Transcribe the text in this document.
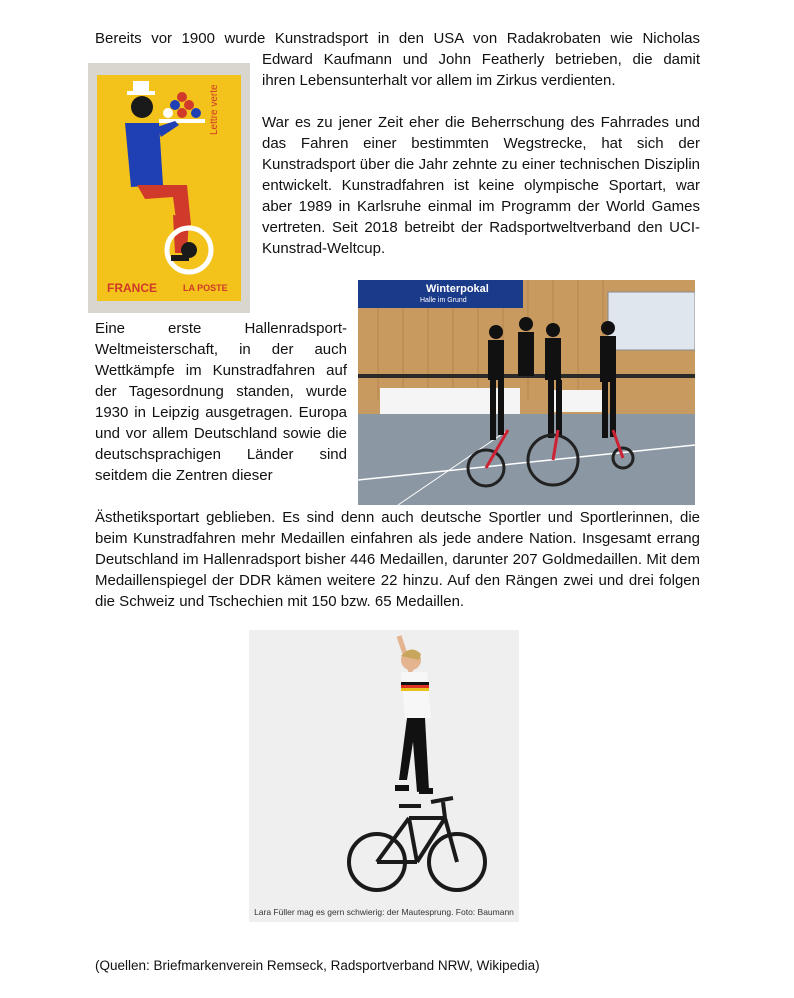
Bereits vor 1900 wurde Kunstradsport in den USA von Radakrobaten wie Nicholas
Edward Kaufmann und John Featherly betrieben, die damit
ihren Lebensunterhalt vor allem im Zirkus verdienten.

War es zu jener Zeit eher die Beherrschung des Fahrrades und das Fahren einer bestimmten Wegstrecke, hat sich der Kunstradsport über die Jahr zehnte zu einer technischen Disziplin entwickelt. Kunstradfahren ist keine olympische Sportart, war aber 1989 in Karlsruhe einmal im Programm der World Games vertreten. Seit 2018 betreibt der Radsportweltverband den UCI-Kunstrad-Weltcup.

Lettre verte
FRANCE	LA POSTE

Eine erste Hallenradsport-Weltmeisterschaft, in der auch Wettkämpfe im Kunstradfahren auf der Tagesordnung standen, wurde 1930 in Leipzig ausgetragen. Europa und vor allem Deutschland sowie die deutschsprachigen Länder sind seitdem die Zentren dieser

Winterpokal
Halle im Grund

Ästhetiksportart geblieben. Es sind denn auch deutsche Sportler und Sportlerinnen, die beim Kunstradfahren mehr Medaillen einfahren als jede andere Nation. Insgesamt errang Deutschland im Hallenradsport bisher 446 Medaillen, darunter 207 Goldmedaillen. Mit dem Medaillenspiegel der DDR kämen weitere 22 hinzu. Auf den Rängen zwei und drei folgen die Schweiz und Tschechien mit 150 bzw. 65 Medaillen.

Lara Füller mag es gern schwierig: der Mautesprung. Foto: Baumann
(Quellen: Briefmarkenverein Remseck, Radsportverband NRW, Wikipedia)
